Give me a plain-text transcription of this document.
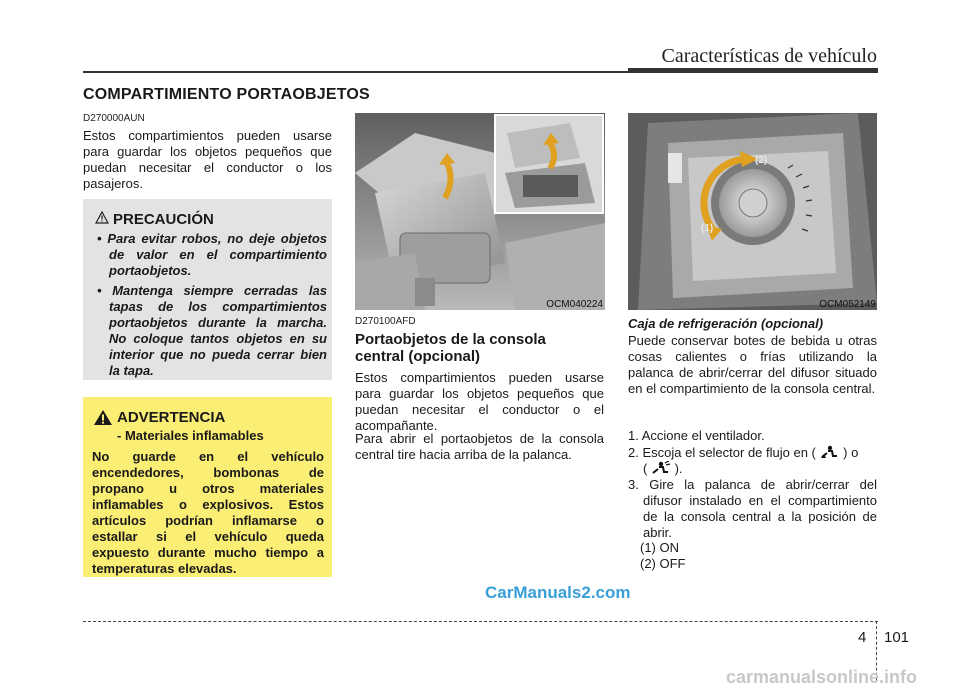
Características de vehículo
COMPARTIMIENTO PORTAOBJETOS
D270000AUN
Estos compartimientos pueden usarse para guardar los objetos pequeños que puedan necesitar el conductor o los pasajeros.
PRECAUCIÓN
• Para evitar robos, no deje objetos de valor en el compartimiento portaobjetos.
• Mantenga siempre cerradas las tapas de los compartimientos portaobjetos durante la marcha. No coloque tantos objetos en su interior que no pueda cerrar bien la tapa.
ADVERTENCIA
- Materiales inflamables
No guarde en el vehículo encendedores, bombonas de propano u otros materiales inflamables o explosivos. Estos artículos podrían inflamarse o estallar si el vehículo queda expuesto durante mucho tiempo a temperaturas elevadas.
OCM040224
D270100AFD
Portaobjetos de la consola central (opcional)
Estos compartimientos pueden usarse para guardar los objetos pequeños que puedan necesitar el conductor o el acompañante.
Para abrir el portaobjetos de la consola central tire hacia arriba de la palanca.
(2)
(1)
OCM052149
Caja de refrigeración (opcional)
Puede conservar botes de bebida u otras cosas calientes o frías utilizando la palanca de abrir/cerrar del difusor situado en el compartimiento de la consola central.
1. Accione el ventilador.
2. Escoja el selector de flujo en ( ) o
( ).
3. Gire la palanca de abrir/cerrar del difusor instalado en el compartimiento de la consola central a la posición de abrir.
(1) ON
(2) OFF
CarManuals2.com
4 101
carmanualsonline.info
